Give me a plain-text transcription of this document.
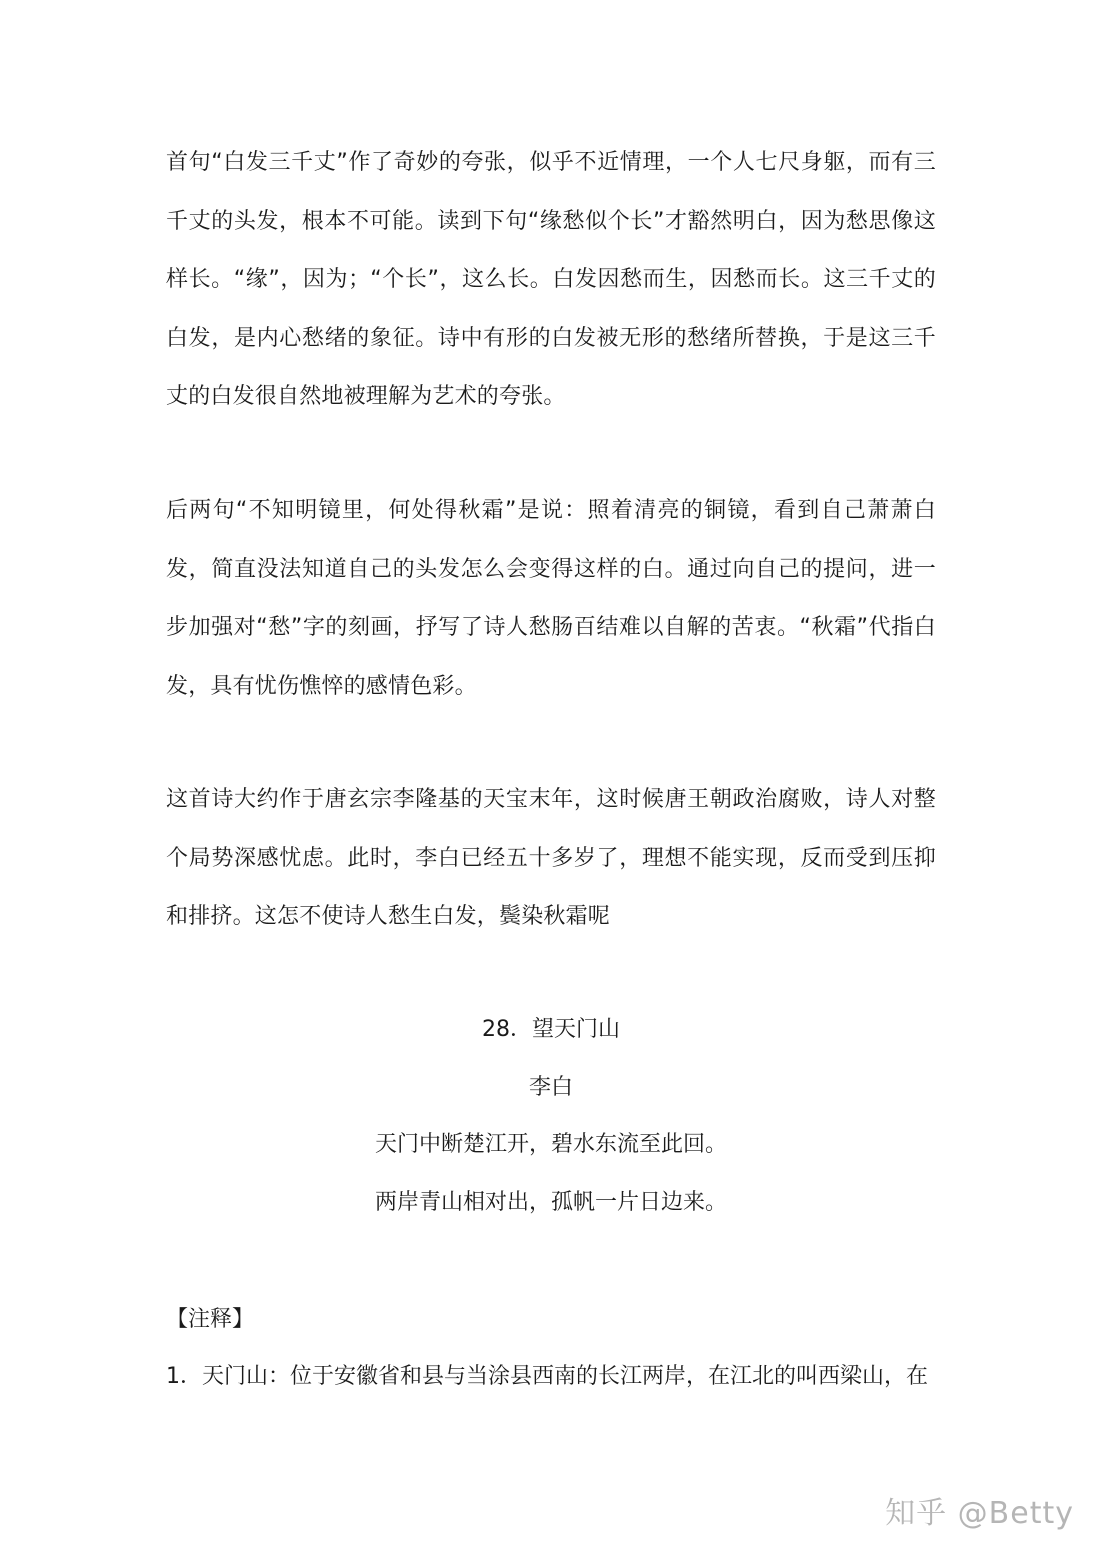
首句“白发三千丈”作了奇妙的夸张，似乎不近情理，一个人七尺身躯，而有三千丈的头发，根本不可能。读到下句“缘愁似个长”才豁然明白，因为愁思像这样长。“缘”，因为；“个长”，这么长。白发因愁而生，因愁而长。这三千丈的白发，是内心愁绪的象征。诗中有形的白发被无形的愁绪所替换，于是这三千丈的白发很自然地被理解为艺术的夸张。

后两句“不知明镜里，何处得秋霜”是说：照着清亮的铜镜，看到自己萧萧白发，简直没法知道自己的头发怎么会变得这样的白。通过向自己的提问，进一步加强对“愁”字的刻画，抒写了诗人愁肠百结难以自解的苦衷。“秋霜”代指白发，具有忧伤憔悴的感情色彩。

这首诗大约作于唐玄宗李隆基的天宝末年，这时候唐王朝政治腐败，诗人对整个局势深感忧虑。此时，李白已经五十多岁了，理想不能实现，反而受到压抑和排挤。这怎不使诗人愁生白发，鬓染秋霜呢

28．望天门山

李白

天门中断楚江开，碧水东流至此回。

两岸青山相对出，孤帆一片日边来。

【注释】

1．天门山：位于安徽省和县与当涂县西南的长江两岸，在江北的叫西梁山，在

知乎 @Betty
